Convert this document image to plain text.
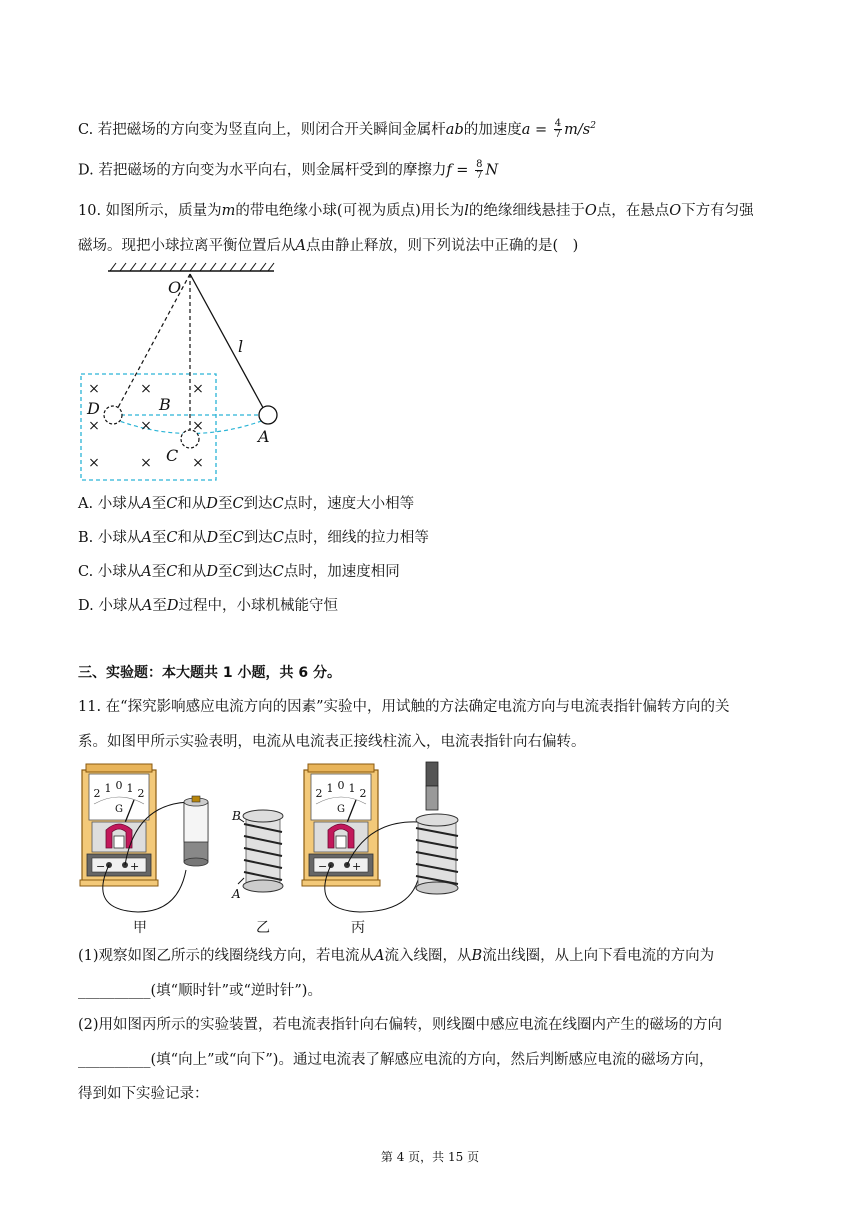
C. 若把磁场的方向变为竖直向上，则闭合开关瞬间金属杆ab的加速度$a = \frac{4}{7} m/s^2$
D. 若把磁场的方向变为水平向右，则金属杆受到的摩擦力$f = \frac{8}{7}$ N
10. 如图所示，质量为m的带电绝缘小球(可视为质点)用长为l的绝缘细线悬挂于O点，在悬点O下方有匀强
磁场。现把小球拉离平衡位置后从A点由静止释放，则下列说法中正确的是(　)
×	×	×
×	×	×
×	×	×
O
l
B
D
C
A
A. 小球从A至C和从D至C到达C点时，速度大小相等
B. 小球从A至C和从D至C到达C点时，细线的拉力相等
C. 小球从A至C和从D至C到达C点时，加速度相同
D. 小球从A至D过程中，小球机械能守恒
三、实验题：本大题共 1 小题，共 6 分。
11. 在“探究影响感应电流方向的因素”实验中，用试触的方法确定电流方向与电流表指针偏转方向的关
系。如图甲所示实验表明，电流从电流表正接线柱流入，电流表指针向右偏转。
2 1 0 1 2
G
− +
B
A
2 1 0 1 2
G
− +
甲	乙	丙
(1)观察如图乙所示的线圈绕线方向，若电流从A流入线圈，从B流出线圈，从上向下看电流的方向为
__________(填“顺时针”或“逆时针”)。
(2)用如图丙所示的实验装置，若电流表指针向右偏转，则线圈中感应电流在线圈内产生的磁场的方向
__________(填“向上”或“向下”)。通过电流表了解感应电流的方向，然后判断感应电流的磁场方向，
得到如下实验记录：
第 4 页，共 15 页
